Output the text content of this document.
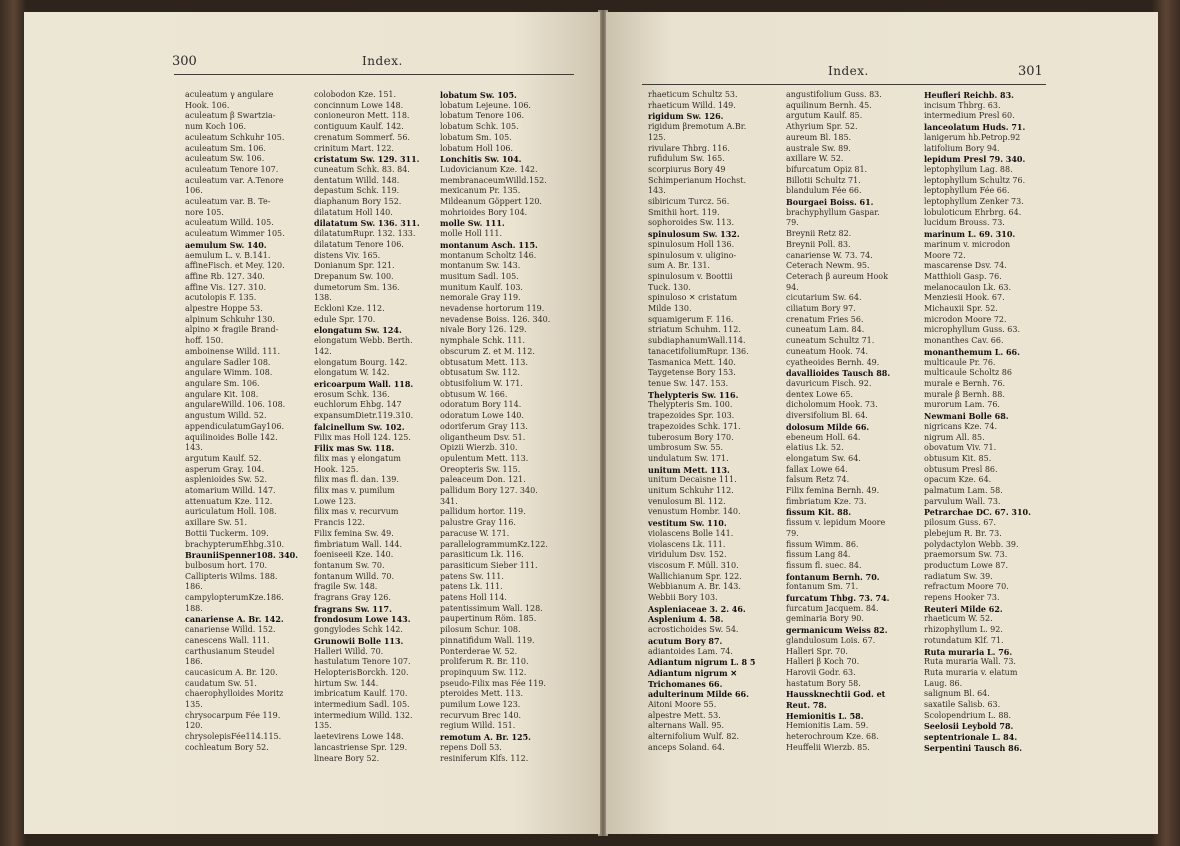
300	Index.
aculeatum γ angulare
Hook. 106.
aculeatum β Swartzia-
num Koch 106.
aculeatum Schkuhr 105.
aculeatum Sm. 106.
aculeatum Sw. 106.
aculeatum Tenore 107.
aculeatum var. A.Tenore
106.
aculeatum var. B. Te-
nore 105.
aculeatum Willd. 105.
aculeatum Wimmer 105.
aemulum Sw. 140.
aemulum L. v. B.141.
affineFisch. et Mey. 120.
affine Rb. 127. 340.
affine Vis. 127. 310.
acutolopis F. 135.
alpestre Hoppe 53.
alpinum Schkuhr 130.
alpino ✕ fragile Brand-
hoff. 150.
amboinense Willd. 111.
angulare Sadler 108.
angulare Wimm. 108.
angulare Sm. 106.
angulare Kit. 108.
angulareWilld. 106. 108.
angustum Willd. 52.
appendiculatumGay106.
aquilinoides Bolle 142.
143.
argutum Kaulf. 52.
asperum Gray. 104.
asplenioides Sw. 52.
atomarium Willd. 147.
attenuatum Kze. 112.
auriculatum Holl. 108.
axillare Sw. 51.
Bottii Tuckerm. 109.
brachypterumEhbg.310.
BrauniiSpenner108. 340.
bulbosum hort. 170.
Callipteris Wilms. 188.
186.
campylopterumKze.186.
188.
canariense A. Br. 142.
canariense Willd. 152.
canescens Wall. 111.
carthusianum Steudel
186.
caucasicum A. Br. 120.
caudatum Sw. 51.
chaerophylloides Moritz
135.
chrysocarpum Fée 119.
120.
chrysolepisFée114.115.
cochleatum Bory 52.
colobodon Kze. 151.
concinnum Lowe 148.
conioneuron Mett. 118.
contiguum Kaulf. 142.
crenatum Sommerf. 56.
crinitum Mart. 122.
cristatum Sw. 129. 311.
cuneatum Schk. 83. 84.
dentatum Willd. 148.
depastum Schk. 119.
diaphanum Bory 152.
dilatatum Holl 140.
dilatatum Sw. 136. 311.
dilatatumRupr. 132. 133.
dilatatum Tenore 106.
distens Viv. 165.
Donianum Spr. 121.
Drepanum Sw. 100.
dumetorum Sm. 136.
138.
Eckloni Kze. 112.
edule Spr. 170.
elongatum Sw. 124.
elongatum Webb. Berth.
142.
elongatum Bourg. 142.
elongatum W. 142.
ericoarpum Wall. 118.
erosum Schk. 136.
euchlorum Ehbg. 147
expansumDietr.119.310.
falcinellum Sw. 102.
Filix mas Holl 124. 125.
Filix mas Sw. 118.
filix mas γ elongatum
Hook. 125.
filix mas fl. dan. 139.
filix mas v. pumilum
Lowe 123.
filix mas v. recurvum
Francis 122.
Filix femina Sw. 49.
fimbriatum Wall. 144.
foeniseeii Kze. 140.
fontanum Sw. 70.
fontanum Willd. 70.
fragile Sw. 148.
fragrans Gray 126.
fragrans Sw. 117.
frondosum Lowe 143.
gongylodes Schk 142.
Grunowii Bolle 113.
Halleri Willd. 70.
hastulatum Tenore 107.
HelopterisBorckh. 120.
hirtum Sw. 144.
imbricatum Kaulf. 170.
intermedium Sadl. 105.
intermedium Willd. 132.
135.
laetevirens Lowe 148.
lancastriense Spr. 129.
lineare Bory 52.
lobatum Sw. 105.
lobatum Lejeune. 106.
lobatum Tenore 106.
lobatum Schk. 105.
lobatum Sm. 105.
lobatum Holl 106.
Lonchitis Sw. 104.
Ludovicianum Kze. 142.
membranaceumWilld.152.
mexicanum Pr. 135.
Mildeanum Göppert 120.
mohrioides Bory 104.
molle Sw. 111.
molle Holl 111.
montanum Asch. 115.
montanum Scholtz 146.
montanum Sw. 143.
musitum Sadl. 105.
munitum Kaulf. 103.
nemorale Gray 119.
nevadense hortorum 119.
nevadense Boiss. 126. 340.
nivale Bory 126. 129.
nymphale Schk. 111.
obscurum Z. et M. 112.
obtusatum Mett. 113.
obtusatum Sw. 112.
obtusifolium W. 171.
obtusum W. 166.
odoratum Bory 114.
odoratum Lowe 140.
odoriferum Gray 113.
oligantheum Dsv. 51.
Opizii Wierzb. 310.
opulentum Mett. 113.
Oreopteris Sw. 115.
paleaceum Don. 121.
pallidum Bory 127. 340.
341.
pallidum hortor. 119.
palustre Gray 116.
paracuse W. 171.
parallelogrammumKz.122.
parasiticum Lk. 116.
parasiticum Sieber 111.
patens Sw. 111.
patens Lk. 111.
patens Holl 114.
patentissimum Wall. 128.
paupertinum Röm. 185.
pilosum Schur. 108.
pinnatifidum Wall. 119.
Ponterderae W. 52.
proliferum R. Br. 110.
propinquum Sw. 112.
pseudo-Filix mas Fée 119.
pteroides Mett. 113.
pumilum Lowe 123.
recurvum Brec 140.
regium Willd. 151.
remotum A. Br. 125.
repens Doll 53.
resiniferum Klfs. 112.
Index.	301
rhaeticum Schultz 53.
rhaeticum Willd. 149.
rigidum Sw. 126.
rigidum βremotum A.Br.
125.
rivulare Thbrg. 116.
rufidulum Sw. 165.
scorpiurus Bory 49
Schimperianum Hochst.
143.
sibiricum Turcz. 56.
Smithii hort. 119.
sophoroides Sw. 113.
spinulosum Sw. 132.
spinulosum Holl 136.
spinulosum v. uligino-
sum A. Br. 131.
spinulosum v. Boottii
Tuck. 130.
spinuloso ✕ cristatum
Milde 130.
squamigerum F. 116.
striatum Schuhm. 112.
subdiaphanumWall.114.
tanacetifoliumRupr. 136.
Tasmanica Mett. 140.
Taygetense Bory 153.
tenue Sw. 147. 153.
Thelypteris Sw. 116.
Thelypteris Sm. 100.
trapezoides Spr. 103.
trapezoides Schk. 171.
tuberosum Bory 170.
umbrosum Sw. 55.
undulatum Sw. 171.
unitum Mett. 113.
unitum Decaisne 111.
unitum Schkuhr 112.
venulosum Bl. 112.
venustum Hombr. 140.
vestitum Sw. 110.
violascens Bolle 141.
violascens Lk. 111.
viridulum Dsv. 152.
viscosum F. Müll. 310.
Wallichianum Spr. 122.
Webbianum A. Br. 143.
Webbii Bory 103.
Aspleniaceae 3. 2. 46.
Asplenium 4. 58.
acrostichoides Sw. 54.
acutum Bory 87.
adiantoides Lam. 74.
Adiantum nigrum L. 8 5
Adiantum nigrum ✕
Trichomanes 66.
adulterinum Milde 66.
Aitoni Moore 55.
alpestre Mett. 53.
alternans Wall. 95.
alternifolium Wulf. 82.
anceps Soland. 64.
angustifolium Guss. 83.
aquilinum Bernh. 45.
argutum Kaulf. 85.
Athyrium Spr. 52.
aureum Bl. 185.
australe Sw. 89.
axillare W. 52.
bifurcatum Opiz 81.
Billotii Schultz 71.
blandulum Fée 66.
Bourgaei Boiss. 61.
brachyphyllum Gaspar.
79.
Breynii Retz 82.
Breynii Poll. 83.
canariense W. 73. 74.
Ceterach Newm. 95.
Ceterach β aureum Hook
94.
cicutarium Sw. 64.
ciliatum Bory 97.
crenatum Fries 56.
cuneatum Lam. 84.
cuneatum Schultz 71.
cuneatum Hook. 74.
cyatheoides Bernh. 49.
davallioides Tausch 88.
davuricum Fisch. 92.
dentex Lowe 65.
dicholomum Hook. 73.
diversifolium Bl. 64.
dolosum Milde 66.
ebeneum Holl. 64.
elatius Lk. 52.
elongatum Sw. 64.
fallax Lowe 64.
falsum Retz 74.
Filix femina Bernh. 49.
fimbriatum Kze. 73.
fissum Kit. 88.
fissum v. lepidum Moore
79.
fissum Wimm. 86.
fissum Lang 84.
fissum fl. suec. 84.
fontanum Bernh. 70.
fontanum Sm. 71.
furcatum Thbg. 73. 74.
furcatum Jacquem. 84.
geminaria Bory 90.
germanicum Weiss 82.
glandulosum Lois. 67.
Halleri Spr. 70.
Halleri β Koch 70.
Harovii Godr. 63.
hastatum Bory 58.
Haussknechtii God. et
Reut. 78.
Hemionitis L. 58.
Hemionitis Lam. 59.
heterochroum Kze. 68.
Heuffelii Wierzb. 85.
Heufleri Reichb. 83.
incisum Thbrg. 63.
intermedium Presl 60.
lanceolatum Huds. 71.
lanigerum hb.Petrop.92
latifolium Bory 94.
lepidum Presl 79. 340.
leptophyllum Lag. 88.
leptophyllum Schultz 76.
leptophyllum Fée 66.
leptophyllum Zenker 73.
lobuloticum Ehrbrg. 64.
lucidum Brouss. 73.
marinum L. 69. 310.
marinum v. microdon
Moore 72.
mascarense Dsv. 74.
Matthioli Gasp. 76.
melanocaulon Lk. 63.
Menziesii Hook. 67.
Michauxii Spr. 52.
microdon Moore 72.
microphyllum Guss. 63.
monanthes Cav. 66.
monanthemum L. 66.
multicaule Pr. 76.
multicaule Scholtz 86
murale e Bernh. 76.
murale β Bernh. 88.
murorum Lam. 76.
Newmani Bolle 68.
nigricans Kze. 74.
nigrum All. 85.
obovatum Viv. 71.
obtusum Kit. 85.
obtusum Presl 86.
opacum Kze. 64.
palmatum Lam. 58.
parvulum Wall. 73.
Petrarchae DC. 67. 310.
pilosum Guss. 67.
plebejum R. Br. 73.
polydactylon Webb. 39.
praemorsum Sw. 73.
productum Lowe 87.
radiatum Sw. 39.
refractum Moore 70.
repens Hooker 73.
Reuteri Milde 62.
rhaeticum W. 52.
rhizophyllum L. 92.
rotundatum Klf. 71.
Ruta muraria L. 76.
Ruta muraria Wall. 73.
Ruta muraria v. elatum
Laug. 86.
salignum Bl. 64.
saxatile Salisb. 63.
Scolopendrium L. 88.
Seelosii Leybold 78.
septentrionale L. 84.
Serpentini Tausch 86.
